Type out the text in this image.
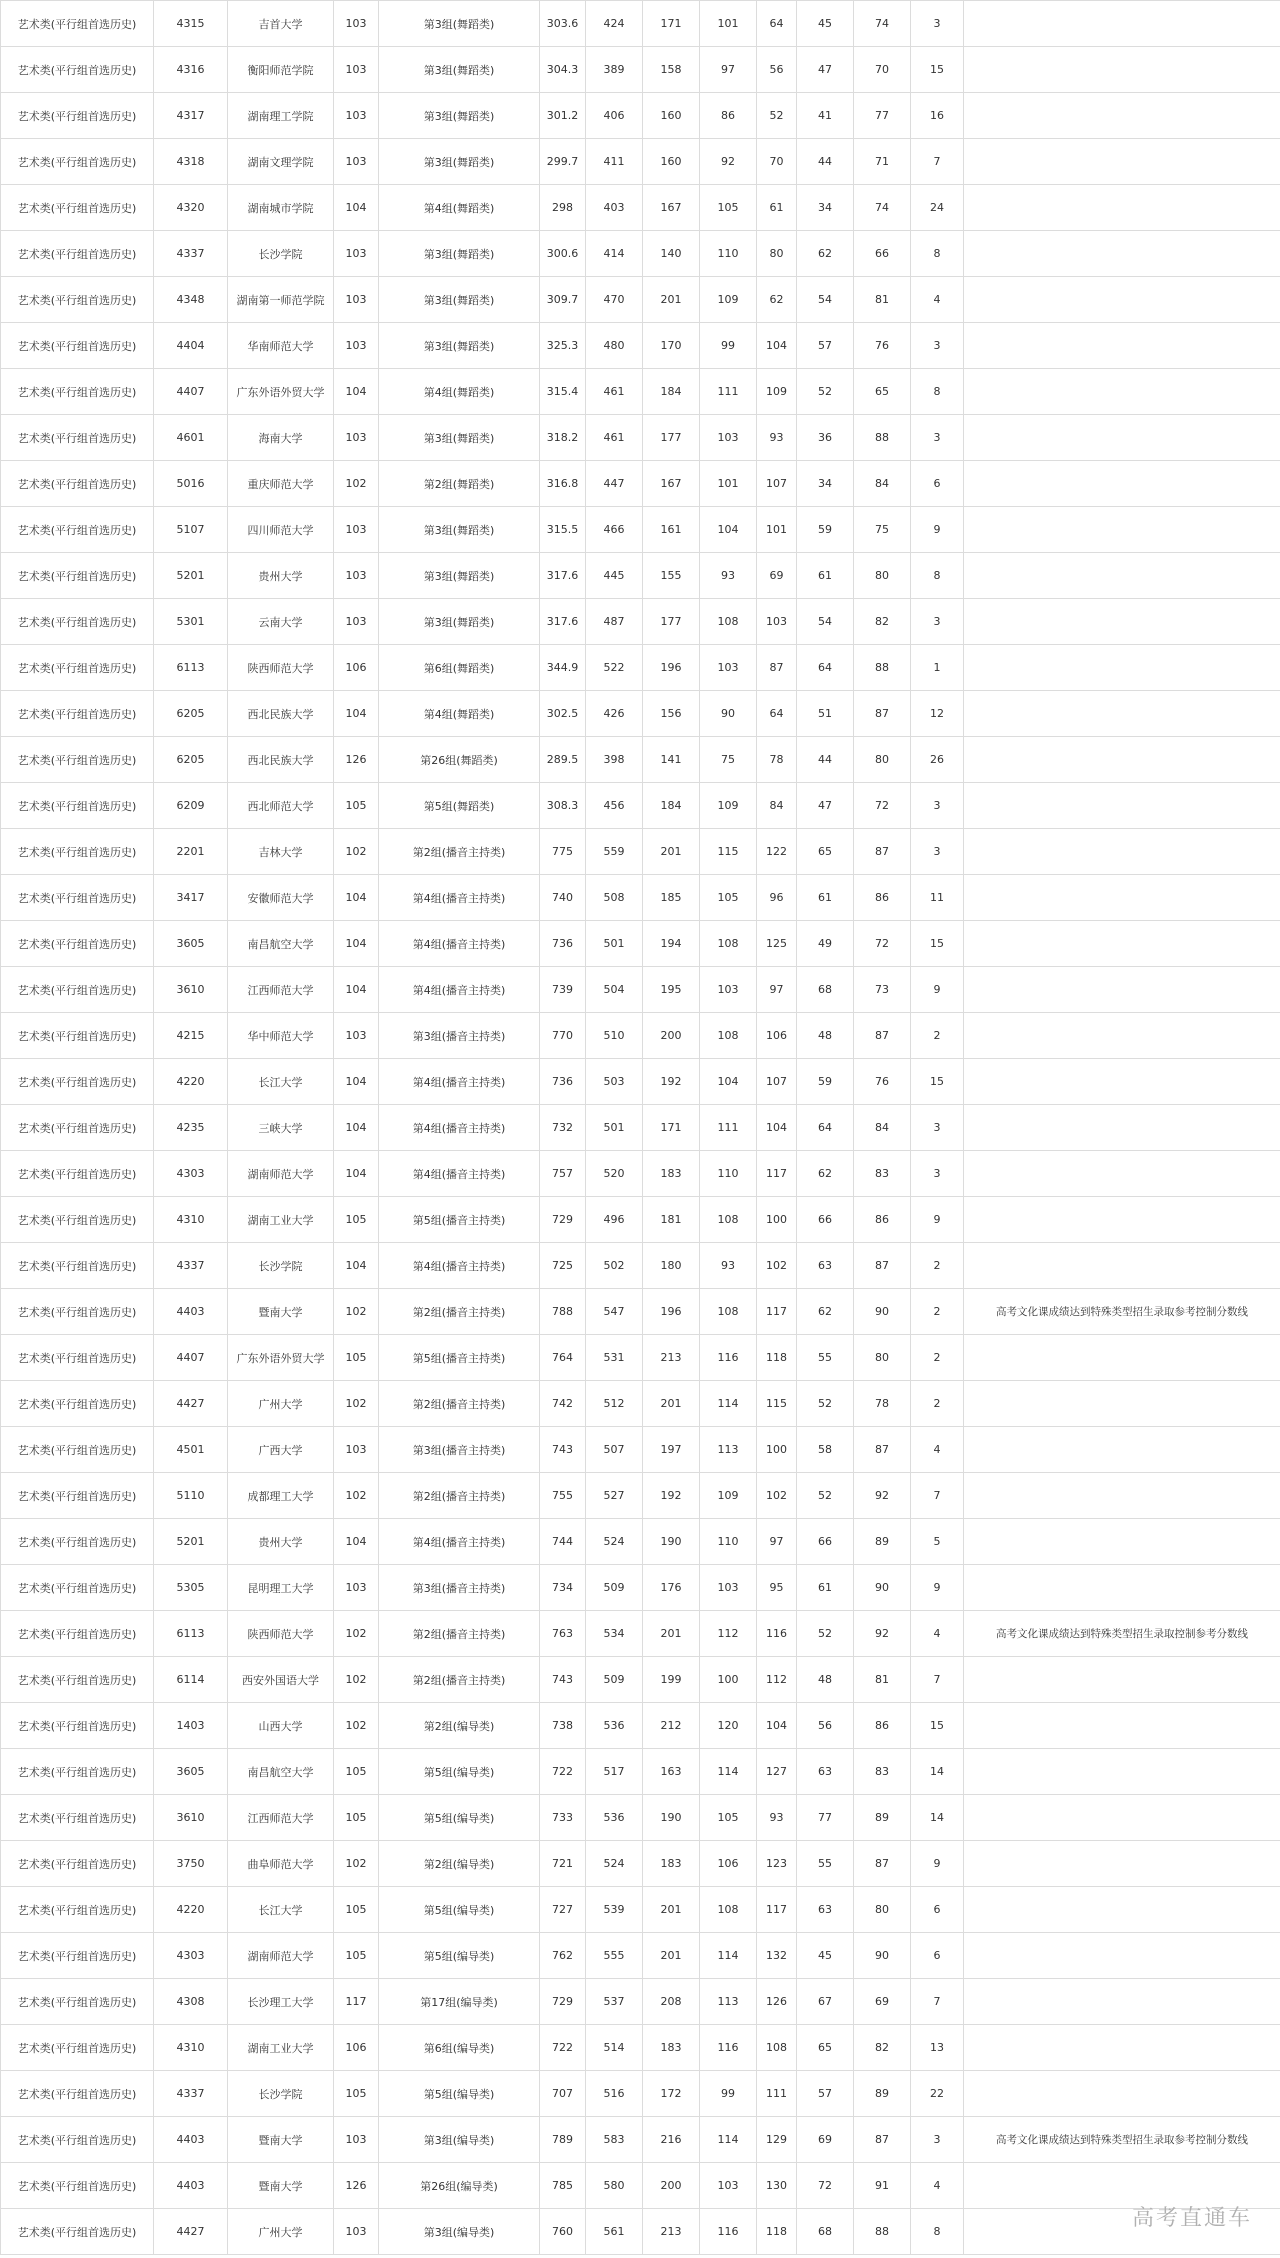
艺术类(平行组首选历史)	4315	吉首大学	103	第3组(舞蹈类)	303.6	424	171	101	64	45	74	3	
艺术类(平行组首选历史)	4316	衡阳师范学院	103	第3组(舞蹈类)	304.3	389	158	97	56	47	70	15	
艺术类(平行组首选历史)	4317	湖南理工学院	103	第3组(舞蹈类)	301.2	406	160	86	52	41	77	16	
艺术类(平行组首选历史)	4318	湖南文理学院	103	第3组(舞蹈类)	299.7	411	160	92	70	44	71	7	
艺术类(平行组首选历史)	4320	湖南城市学院	104	第4组(舞蹈类)	298	403	167	105	61	34	74	24	
艺术类(平行组首选历史)	4337	长沙学院	103	第3组(舞蹈类)	300.6	414	140	110	80	62	66	8	
艺术类(平行组首选历史)	4348	湖南第一师范学院	103	第3组(舞蹈类)	309.7	470	201	109	62	54	81	4	
艺术类(平行组首选历史)	4404	华南师范大学	103	第3组(舞蹈类)	325.3	480	170	99	104	57	76	3	
艺术类(平行组首选历史)	4407	广东外语外贸大学	104	第4组(舞蹈类)	315.4	461	184	111	109	52	65	8	
艺术类(平行组首选历史)	4601	海南大学	103	第3组(舞蹈类)	318.2	461	177	103	93	36	88	3	
艺术类(平行组首选历史)	5016	重庆师范大学	102	第2组(舞蹈类)	316.8	447	167	101	107	34	84	6	
艺术类(平行组首选历史)	5107	四川师范大学	103	第3组(舞蹈类)	315.5	466	161	104	101	59	75	9	
艺术类(平行组首选历史)	5201	贵州大学	103	第3组(舞蹈类)	317.6	445	155	93	69	61	80	8	
艺术类(平行组首选历史)	5301	云南大学	103	第3组(舞蹈类)	317.6	487	177	108	103	54	82	3	
艺术类(平行组首选历史)	6113	陕西师范大学	106	第6组(舞蹈类)	344.9	522	196	103	87	64	88	1	
艺术类(平行组首选历史)	6205	西北民族大学	104	第4组(舞蹈类)	302.5	426	156	90	64	51	87	12	
艺术类(平行组首选历史)	6205	西北民族大学	126	第26组(舞蹈类)	289.5	398	141	75	78	44	80	26	
艺术类(平行组首选历史)	6209	西北师范大学	105	第5组(舞蹈类)	308.3	456	184	109	84	47	72	3	
艺术类(平行组首选历史)	2201	吉林大学	102	第2组(播音主持类)	775	559	201	115	122	65	87	3	
艺术类(平行组首选历史)	3417	安徽师范大学	104	第4组(播音主持类)	740	508	185	105	96	61	86	11	
艺术类(平行组首选历史)	3605	南昌航空大学	104	第4组(播音主持类)	736	501	194	108	125	49	72	15	
艺术类(平行组首选历史)	3610	江西师范大学	104	第4组(播音主持类)	739	504	195	103	97	68	73	9	
艺术类(平行组首选历史)	4215	华中师范大学	103	第3组(播音主持类)	770	510	200	108	106	48	87	2	
艺术类(平行组首选历史)	4220	长江大学	104	第4组(播音主持类)	736	503	192	104	107	59	76	15	
艺术类(平行组首选历史)	4235	三峡大学	104	第4组(播音主持类)	732	501	171	111	104	64	84	3	
艺术类(平行组首选历史)	4303	湖南师范大学	104	第4组(播音主持类)	757	520	183	110	117	62	83	3	
艺术类(平行组首选历史)	4310	湖南工业大学	105	第5组(播音主持类)	729	496	181	108	100	66	86	9	
艺术类(平行组首选历史)	4337	长沙学院	104	第4组(播音主持类)	725	502	180	93	102	63	87	2	
艺术类(平行组首选历史)	4403	暨南大学	102	第2组(播音主持类)	788	547	196	108	117	62	90	2	高考文化课成绩达到特殊类型招生录取参考控制分数线
艺术类(平行组首选历史)	4407	广东外语外贸大学	105	第5组(播音主持类)	764	531	213	116	118	55	80	2	
艺术类(平行组首选历史)	4427	广州大学	102	第2组(播音主持类)	742	512	201	114	115	52	78	2	
艺术类(平行组首选历史)	4501	广西大学	103	第3组(播音主持类)	743	507	197	113	100	58	87	4	
艺术类(平行组首选历史)	5110	成都理工大学	102	第2组(播音主持类)	755	527	192	109	102	52	92	7	
艺术类(平行组首选历史)	5201	贵州大学	104	第4组(播音主持类)	744	524	190	110	97	66	89	5	
艺术类(平行组首选历史)	5305	昆明理工大学	103	第3组(播音主持类)	734	509	176	103	95	61	90	9	
艺术类(平行组首选历史)	6113	陕西师范大学	102	第2组(播音主持类)	763	534	201	112	116	52	92	4	高考文化课成绩达到特殊类型招生录取控制参考分数线
艺术类(平行组首选历史)	6114	西安外国语大学	102	第2组(播音主持类)	743	509	199	100	112	48	81	7	
艺术类(平行组首选历史)	1403	山西大学	102	第2组(编导类)	738	536	212	120	104	56	86	15	
艺术类(平行组首选历史)	3605	南昌航空大学	105	第5组(编导类)	722	517	163	114	127	63	83	14	
艺术类(平行组首选历史)	3610	江西师范大学	105	第5组(编导类)	733	536	190	105	93	77	89	14	
艺术类(平行组首选历史)	3750	曲阜师范大学	102	第2组(编导类)	721	524	183	106	123	55	87	9	
艺术类(平行组首选历史)	4220	长江大学	105	第5组(编导类)	727	539	201	108	117	63	80	6	
艺术类(平行组首选历史)	4303	湖南师范大学	105	第5组(编导类)	762	555	201	114	132	45	90	6	
艺术类(平行组首选历史)	4308	长沙理工大学	117	第17组(编导类)	729	537	208	113	126	67	69	7	
艺术类(平行组首选历史)	4310	湖南工业大学	106	第6组(编导类)	722	514	183	116	108	65	82	13	
艺术类(平行组首选历史)	4337	长沙学院	105	第5组(编导类)	707	516	172	99	111	57	89	22	
艺术类(平行组首选历史)	4403	暨南大学	103	第3组(编导类)	789	583	216	114	129	69	87	3	高考文化课成绩达到特殊类型招生录取参考控制分数线
艺术类(平行组首选历史)	4403	暨南大学	126	第26组(编导类)	785	580	200	103	130	72	91	4	
艺术类(平行组首选历史)	4427	广州大学	103	第3组(编导类)	760	561	213	116	118	68	88	8	
高考直通车
